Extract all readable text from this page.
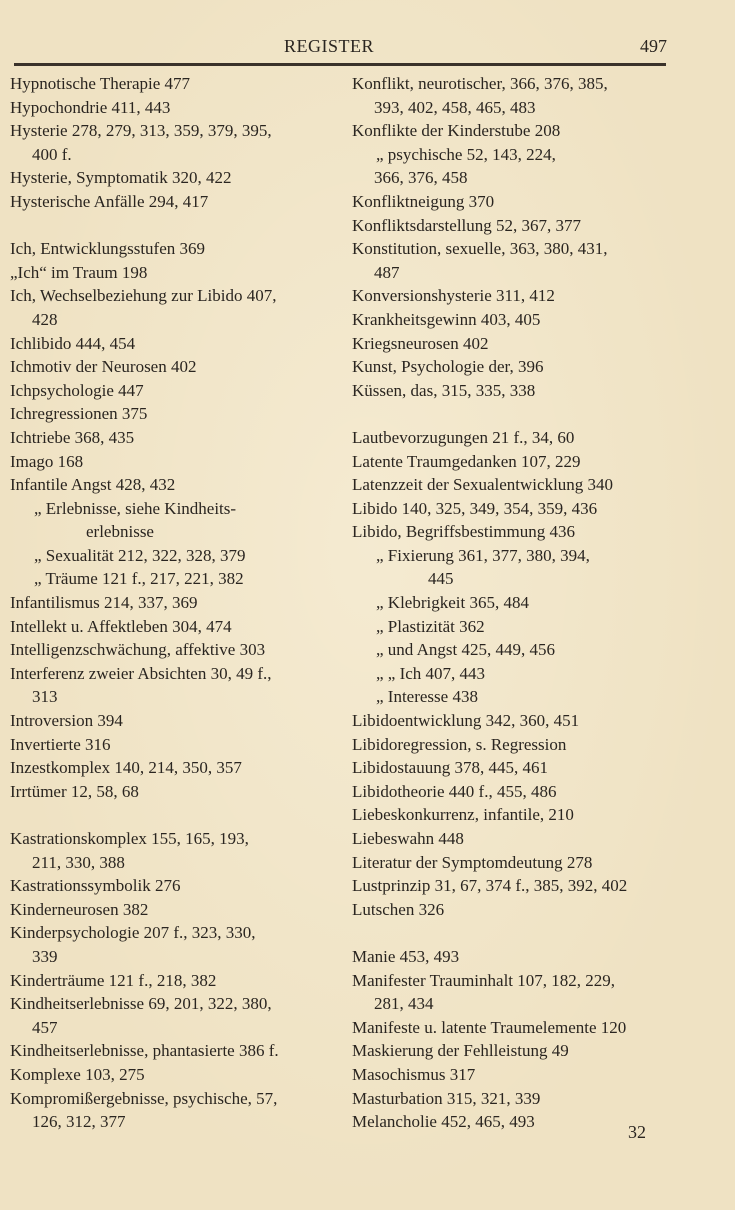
REGISTER	497
Hypnotische Therapie 477
Hypochondrie 411, 443
Hysterie 278, 279, 313, 359, 379, 395,
400 f.
Hysterie, Symptomatik 320, 422
Hysterische Anfälle 294, 417
Ich, Entwicklungsstufen 369
„Ich“ im Traum 198
Ich, Wechselbeziehung zur Libido 407,
428
Ichlibido 444, 454
Ichmotiv der Neurosen 402
Ichpsychologie 447
Ichregressionen 375
Ichtriebe 368, 435
Imago 168
Infantile Angst 428, 432
„ Erlebnisse, siehe Kindheits-
erlebnisse
„ Sexualität 212, 322, 328, 379
„ Träume 121 f., 217, 221, 382
Infantilismus 214, 337, 369
Intellekt u. Affektleben 304, 474
Intelligenzschwächung, affektive 303
Interferenz zweier Absichten 30, 49 f.,
313
Introversion 394
Invertierte 316
Inzestkomplex 140, 214, 350, 357
Irrtümer 12, 58, 68
Kastrationskomplex 155, 165, 193,
211, 330, 388
Kastrationssymbolik 276
Kinderneurosen 382
Kinderpsychologie 207 f., 323, 330,
339
Kinderträume 121 f., 218, 382
Kindheitserlebnisse 69, 201, 322, 380,
457
Kindheitserlebnisse, phantasierte 386 f.
Komplexe 103, 275
Kompromißergebnisse, psychische, 57,
126, 312, 377
Konflikt, neurotischer, 366, 376, 385,
393, 402, 458, 465, 483
Konflikte der Kinderstube 208
„ psychische 52, 143, 224,
366, 376, 458
Konfliktneigung 370
Konfliktsdarstellung 52, 367, 377
Konstitution, sexuelle, 363, 380, 431,
487
Konversionshysterie 311, 412
Krankheitsgewinn 403, 405
Kriegsneurosen 402
Kunst, Psychologie der, 396
Küssen, das, 315, 335, 338
Lautbevorzugungen 21 f., 34, 60
Latente Traumgedanken 107, 229
Latenzzeit der Sexualentwicklung 340
Libido 140, 325, 349, 354, 359, 436
Libido, Begriffsbestimmung 436
„ Fixierung 361, 377, 380, 394,
445
„ Klebrigkeit 365, 484
„ Plastizität 362
„ und Angst 425, 449, 456
„ „ Ich 407, 443
„ Interesse 438
Libidoentwicklung 342, 360, 451
Libidoregression, s. Regression
Libidostauung 378, 445, 461
Libidotheorie 440 f., 455, 486
Liebeskonkurrenz, infantile, 210
Liebeswahn 448
Literatur der Symptomdeutung 278
Lustprinzip 31, 67, 374 f., 385, 392, 402
Lutschen 326
Manie 453, 493
Manifester Trauminhalt 107, 182, 229,
281, 434
Manifeste u. latente Traumelemente 120
Maskierung der Fehlleistung 49
Masochismus 317
Masturbation 315, 321, 339
Melancholie 452, 465, 493
32
